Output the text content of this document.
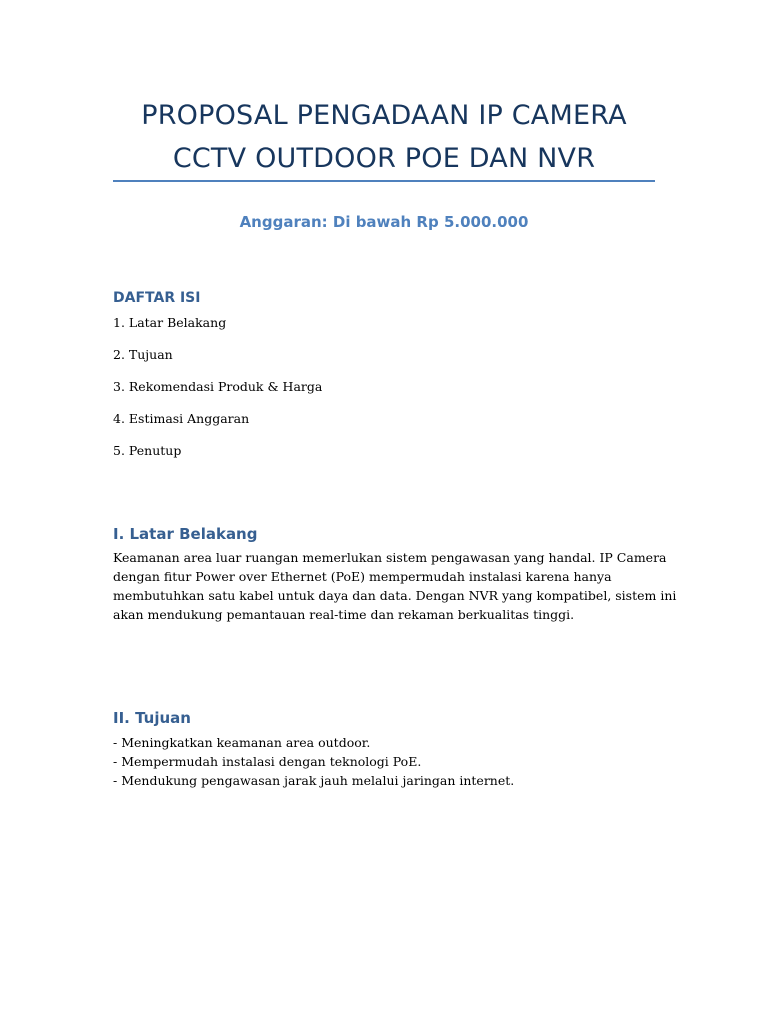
PROPOSAL PENGADAAN IP CAMERA
CCTV OUTDOOR POE DAN NVR
Anggaran: Di bawah Rp 5.000.000
DAFTAR ISI
1. Latar Belakang
2. Tujuan
3. Rekomendasi Produk & Harga
4. Estimasi Anggaran
5. Penutup
I. Latar Belakang

Keamanan area luar ruangan memerlukan sistem pengawasan yang handal. IP Camera
dengan fitur Power over Ethernet (PoE) mempermudah instalasi karena hanya
membutuhkan satu kabel untuk daya dan data. Dengan NVR yang kompatibel, sistem ini
akan mendukung pemantauan real-time dan rekaman berkualitas tinggi.

II. Tujuan
- Meningkatkan keamanan area outdoor.
- Mempermudah instalasi dengan teknologi PoE.
- Mendukung pengawasan jarak jauh melalui jaringan internet.
